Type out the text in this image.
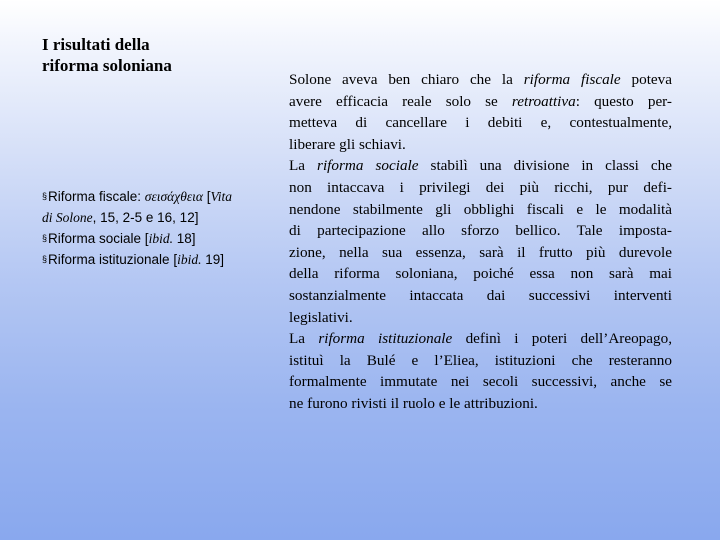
I risultati della
riforma soloniana
§Riforma fiscale: σεισάχθεια [Vita
di Solone, 15, 2-5 e 16, 12]
§Riforma sociale [ibid. 18]
§Riforma istituzionale [ibid. 19]
Solone aveva ben chiaro che la riforma fiscale poteva
avere efficacia reale solo se retroattiva: questo per-
metteva di cancellare i debiti e, contestualmente,
liberare gli schiavi.
La riforma sociale stabilì una divisione in classi che
non intaccava i privilegi dei più ricchi, pur defi-
nendone stabilmente gli obblighi fiscali e le modalità
di partecipazione allo sforzo bellico. Tale imposta-
zione, nella sua essenza, sarà il frutto più durevole
della riforma soloniana, poiché essa non sarà mai
sostanzialmente intaccata dai successivi interventi
legislativi.
La riforma istituzionale definì i poteri dell’Areopago,
istituì la Bulé e l’Eliea, istituzioni che resteranno
formalmente immutate nei secoli successivi, anche se
ne furono rivisti il ruolo e le attribuzioni.
